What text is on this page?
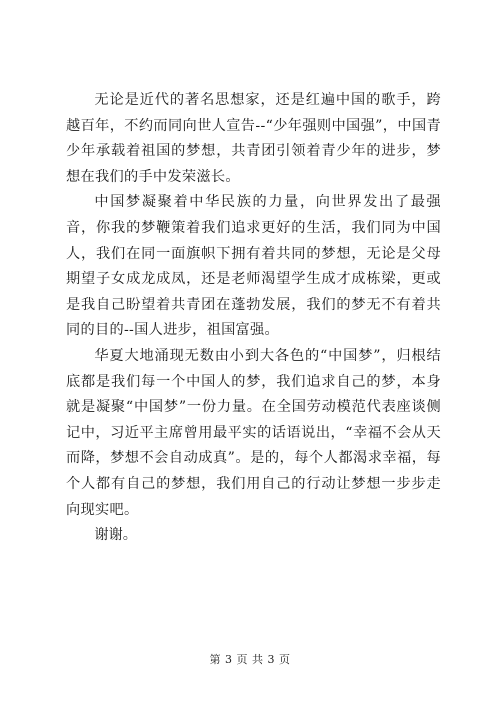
无论是近代的著名思想家，还是红遍中国的歌手，跨越百年，不约而同向世人宣告--“少年强则中国强”，中国青少年承载着祖国的梦想，共青团引领着青少年的进步，梦想在我们的手中发荣滋长。

中国梦凝聚着中华民族的力量，向世界发出了最强音，你我的梦鞭策着我们追求更好的生活，我们同为中国人，我们在同一面旗帜下拥有着共同的梦想，无论是父母期望子女成龙成凤，还是老师渴望学生成才成栋梁，更或是我自己盼望着共青团在蓬勃发展，我们的梦无不有着共同的目的--国人进步，祖国富强。

华夏大地涌现无数由小到大各色的“中国梦”，归根结底都是我们每一个中国人的梦，我们追求自己的梦，本身就是凝聚“中国梦”一份力量。在全国劳动模范代表座谈侧记中，习近平主席曾用最平实的话语说出，“幸福不会从天而降，梦想不会自动成真”。是的，每个人都渴求幸福，每个人都有自己的梦想，我们用自己的行动让梦想一步步走向现实吧。

谢谢。

第 3 页 共 3 页
